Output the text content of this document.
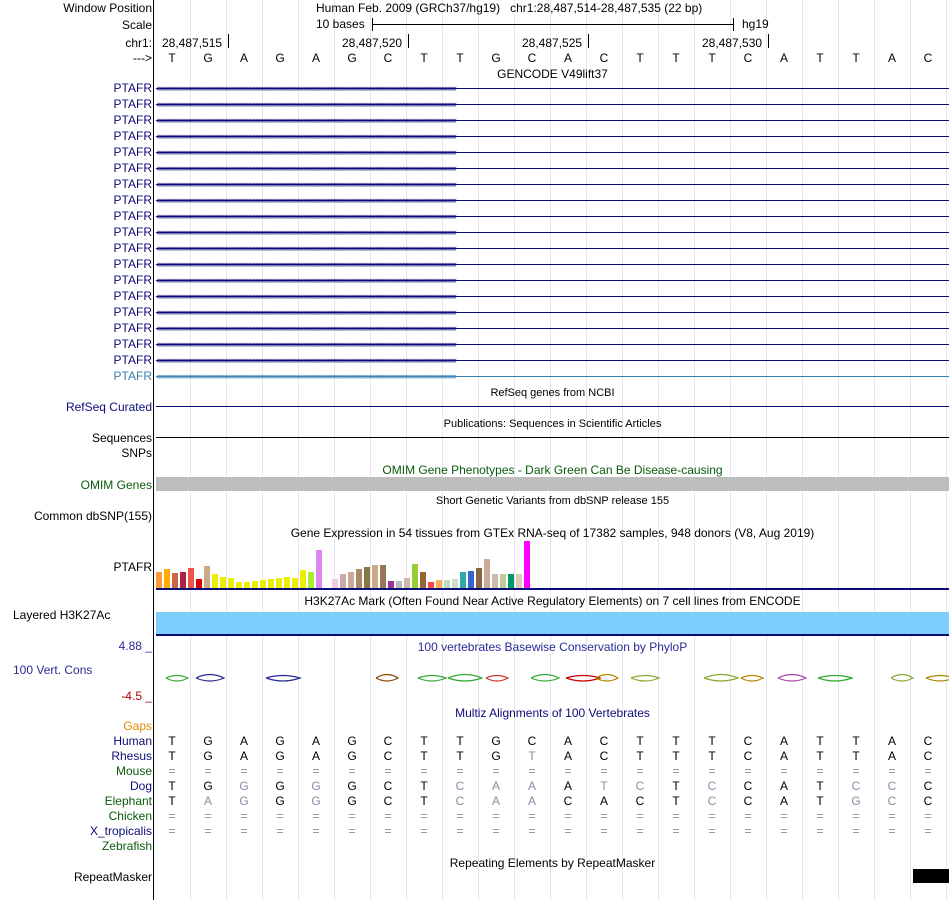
Window Position	Human Feb. 2009 (GRCh37/hg19)   chr1:28,487,514-28,487,535 (22 bp)
Scale	10 bases	hg19
chr1: 28,487,515	28,487,520	28,487,525	28,487,530
--->	T	G	A	G	A	G	C	T	T	G	C	A	C	T	T	T	C	A	T	T	A	C
GENCODE V49lift37
PTAFR ‹‹‹‹‹‹‹‹‹‹‹‹‹‹‹‹‹‹‹‹‹‹‹‹‹‹‹‹‹‹‹‹‹‹‹‹‹‹‹‹‹‹‹‹‹‹‹‹‹‹‹‹‹‹‹‹‹‹‹‹‹‹‹‹‹‹‹‹‹‹‹‹‹‹‹‹‹‹‹‹‹‹‹‹‹‹‹‹‹‹‹‹‹‹‹‹‹‹‹‹‹‹‹‹‹‹‹‹‹‹‹‹‹‹‹‹‹‹‹‹‹‹‹‹‹‹‹‹‹‹‹‹‹‹‹‹‹‹‹‹‹‹‹‹‹‹‹‹‹‹‹‹‹‹‹‹‹‹‹‹‹‹‹‹‹‹‹‹‹‹‹‹‹‹‹‹‹‹‹‹‹‹‹‹‹‹‹‹‹‹‹‹‹‹‹‹‹‹‹‹
PTAFR ‹‹‹‹‹‹‹‹‹‹‹‹‹‹‹‹‹‹‹‹‹‹‹‹‹‹‹‹‹‹‹‹‹‹‹‹‹‹‹‹‹‹‹‹‹‹‹‹‹‹‹‹‹‹‹‹‹‹‹‹‹‹‹‹‹‹‹‹‹‹‹‹‹‹‹‹‹‹‹‹‹‹‹‹‹‹‹‹‹‹‹‹‹‹‹‹‹‹‹‹‹‹‹‹‹‹‹‹‹‹‹‹‹‹‹‹‹‹‹‹‹‹‹‹‹‹‹‹‹‹‹‹‹‹‹‹‹‹‹‹‹‹‹‹‹‹‹‹‹‹‹‹‹‹‹‹‹‹‹‹‹‹‹‹‹‹‹‹‹‹‹‹‹‹‹‹‹‹‹‹‹‹‹‹‹‹‹‹‹‹‹‹‹‹‹‹‹‹‹‹
PTAFR ‹‹‹‹‹‹‹‹‹‹‹‹‹‹‹‹‹‹‹‹‹‹‹‹‹‹‹‹‹‹‹‹‹‹‹‹‹‹‹‹‹‹‹‹‹‹‹‹‹‹‹‹‹‹‹‹‹‹‹‹‹‹‹‹‹‹‹‹‹‹‹‹‹‹‹‹‹‹‹‹‹‹‹‹‹‹‹‹‹‹‹‹‹‹‹‹‹‹‹‹‹‹‹‹‹‹‹‹‹‹‹‹‹‹‹‹‹‹‹‹‹‹‹‹‹‹‹‹‹‹‹‹‹‹‹‹‹‹‹‹‹‹‹‹‹‹‹‹‹‹‹‹‹‹‹‹‹‹‹‹‹‹‹‹‹‹‹‹‹‹‹‹‹‹‹‹‹‹‹‹‹‹‹‹‹‹‹‹‹‹‹‹‹‹‹‹‹‹‹‹
PTAFR ‹‹‹‹‹‹‹‹‹‹‹‹‹‹‹‹‹‹‹‹‹‹‹‹‹‹‹‹‹‹‹‹‹‹‹‹‹‹‹‹‹‹‹‹‹‹‹‹‹‹‹‹‹‹‹‹‹‹‹‹‹‹‹‹‹‹‹‹‹‹‹‹‹‹‹‹‹‹‹‹‹‹‹‹‹‹‹‹‹‹‹‹‹‹‹‹‹‹‹‹‹‹‹‹‹‹‹‹‹‹‹‹‹‹‹‹‹‹‹‹‹‹‹‹‹‹‹‹‹‹‹‹‹‹‹‹‹‹‹‹‹‹‹‹‹‹‹‹‹‹‹‹‹‹‹‹‹‹‹‹‹‹‹‹‹‹‹‹‹‹‹‹‹‹‹‹‹‹‹‹‹‹‹‹‹‹‹‹‹‹‹‹‹‹‹‹‹‹‹‹
PTAFR ‹‹‹‹‹‹‹‹‹‹‹‹‹‹‹‹‹‹‹‹‹‹‹‹‹‹‹‹‹‹‹‹‹‹‹‹‹‹‹‹‹‹‹‹‹‹‹‹‹‹‹‹‹‹‹‹‹‹‹‹‹‹‹‹‹‹‹‹‹‹‹‹‹‹‹‹‹‹‹‹‹‹‹‹‹‹‹‹‹‹‹‹‹‹‹‹‹‹‹‹‹‹‹‹‹‹‹‹‹‹‹‹‹‹‹‹‹‹‹‹‹‹‹‹‹‹‹‹‹‹‹‹‹‹‹‹‹‹‹‹‹‹‹‹‹‹‹‹‹‹‹‹‹‹‹‹‹‹‹‹‹‹‹‹‹‹‹‹‹‹‹‹‹‹‹‹‹‹‹‹‹‹‹‹‹‹‹‹‹‹‹‹‹‹‹‹‹‹‹‹
PTAFR ‹‹‹‹‹‹‹‹‹‹‹‹‹‹‹‹‹‹‹‹‹‹‹‹‹‹‹‹‹‹‹‹‹‹‹‹‹‹‹‹‹‹‹‹‹‹‹‹‹‹‹‹‹‹‹‹‹‹‹‹‹‹‹‹‹‹‹‹‹‹‹‹‹‹‹‹‹‹‹‹‹‹‹‹‹‹‹‹‹‹‹‹‹‹‹‹‹‹‹‹‹‹‹‹‹‹‹‹‹‹‹‹‹‹‹‹‹‹‹‹‹‹‹‹‹‹‹‹‹‹‹‹‹‹‹‹‹‹‹‹‹‹‹‹‹‹‹‹‹‹‹‹‹‹‹‹‹‹‹‹‹‹‹‹‹‹‹‹‹‹‹‹‹‹‹‹‹‹‹‹‹‹‹‹‹‹‹‹‹‹‹‹‹‹‹‹‹‹‹‹
PTAFR ‹‹‹‹‹‹‹‹‹‹‹‹‹‹‹‹‹‹‹‹‹‹‹‹‹‹‹‹‹‹‹‹‹‹‹‹‹‹‹‹‹‹‹‹‹‹‹‹‹‹‹‹‹‹‹‹‹‹‹‹‹‹‹‹‹‹‹‹‹‹‹‹‹‹‹‹‹‹‹‹‹‹‹‹‹‹‹‹‹‹‹‹‹‹‹‹‹‹‹‹‹‹‹‹‹‹‹‹‹‹‹‹‹‹‹‹‹‹‹‹‹‹‹‹‹‹‹‹‹‹‹‹‹‹‹‹‹‹‹‹‹‹‹‹‹‹‹‹‹‹‹‹‹‹‹‹‹‹‹‹‹‹‹‹‹‹‹‹‹‹‹‹‹‹‹‹‹‹‹‹‹‹‹‹‹‹‹‹‹‹‹‹‹‹‹‹‹‹‹‹
PTAFR ‹‹‹‹‹‹‹‹‹‹‹‹‹‹‹‹‹‹‹‹‹‹‹‹‹‹‹‹‹‹‹‹‹‹‹‹‹‹‹‹‹‹‹‹‹‹‹‹‹‹‹‹‹‹‹‹‹‹‹‹‹‹‹‹‹‹‹‹‹‹‹‹‹‹‹‹‹‹‹‹‹‹‹‹‹‹‹‹‹‹‹‹‹‹‹‹‹‹‹‹‹‹‹‹‹‹‹‹‹‹‹‹‹‹‹‹‹‹‹‹‹‹‹‹‹‹‹‹‹‹‹‹‹‹‹‹‹‹‹‹‹‹‹‹‹‹‹‹‹‹‹‹‹‹‹‹‹‹‹‹‹‹‹‹‹‹‹‹‹‹‹‹‹‹‹‹‹‹‹‹‹‹‹‹‹‹‹‹‹‹‹‹‹‹‹‹‹‹‹‹
PTAFR ‹‹‹‹‹‹‹‹‹‹‹‹‹‹‹‹‹‹‹‹‹‹‹‹‹‹‹‹‹‹‹‹‹‹‹‹‹‹‹‹‹‹‹‹‹‹‹‹‹‹‹‹‹‹‹‹‹‹‹‹‹‹‹‹‹‹‹‹‹‹‹‹‹‹‹‹‹‹‹‹‹‹‹‹‹‹‹‹‹‹‹‹‹‹‹‹‹‹‹‹‹‹‹‹‹‹‹‹‹‹‹‹‹‹‹‹‹‹‹‹‹‹‹‹‹‹‹‹‹‹‹‹‹‹‹‹‹‹‹‹‹‹‹‹‹‹‹‹‹‹‹‹‹‹‹‹‹‹‹‹‹‹‹‹‹‹‹‹‹‹‹‹‹‹‹‹‹‹‹‹‹‹‹‹‹‹‹‹‹‹‹‹‹‹‹‹‹‹‹‹
PTAFR ‹‹‹‹‹‹‹‹‹‹‹‹‹‹‹‹‹‹‹‹‹‹‹‹‹‹‹‹‹‹‹‹‹‹‹‹‹‹‹‹‹‹‹‹‹‹‹‹‹‹‹‹‹‹‹‹‹‹‹‹‹‹‹‹‹‹‹‹‹‹‹‹‹‹‹‹‹‹‹‹‹‹‹‹‹‹‹‹‹‹‹‹‹‹‹‹‹‹‹‹‹‹‹‹‹‹‹‹‹‹‹‹‹‹‹‹‹‹‹‹‹‹‹‹‹‹‹‹‹‹‹‹‹‹‹‹‹‹‹‹‹‹‹‹‹‹‹‹‹‹‹‹‹‹‹‹‹‹‹‹‹‹‹‹‹‹‹‹‹‹‹‹‹‹‹‹‹‹‹‹‹‹‹‹‹‹‹‹‹‹‹‹‹‹‹‹‹‹‹‹
PTAFR ‹‹‹‹‹‹‹‹‹‹‹‹‹‹‹‹‹‹‹‹‹‹‹‹‹‹‹‹‹‹‹‹‹‹‹‹‹‹‹‹‹‹‹‹‹‹‹‹‹‹‹‹‹‹‹‹‹‹‹‹‹‹‹‹‹‹‹‹‹‹‹‹‹‹‹‹‹‹‹‹‹‹‹‹‹‹‹‹‹‹‹‹‹‹‹‹‹‹‹‹‹‹‹‹‹‹‹‹‹‹‹‹‹‹‹‹‹‹‹‹‹‹‹‹‹‹‹‹‹‹‹‹‹‹‹‹‹‹‹‹‹‹‹‹‹‹‹‹‹‹‹‹‹‹‹‹‹‹‹‹‹‹‹‹‹‹‹‹‹‹‹‹‹‹‹‹‹‹‹‹‹‹‹‹‹‹‹‹‹‹‹‹‹‹‹‹‹‹‹‹
PTAFR ‹‹‹‹‹‹‹‹‹‹‹‹‹‹‹‹‹‹‹‹‹‹‹‹‹‹‹‹‹‹‹‹‹‹‹‹‹‹‹‹‹‹‹‹‹‹‹‹‹‹‹‹‹‹‹‹‹‹‹‹‹‹‹‹‹‹‹‹‹‹‹‹‹‹‹‹‹‹‹‹‹‹‹‹‹‹‹‹‹‹‹‹‹‹‹‹‹‹‹‹‹‹‹‹‹‹‹‹‹‹‹‹‹‹‹‹‹‹‹‹‹‹‹‹‹‹‹‹‹‹‹‹‹‹‹‹‹‹‹‹‹‹‹‹‹‹‹‹‹‹‹‹‹‹‹‹‹‹‹‹‹‹‹‹‹‹‹‹‹‹‹‹‹‹‹‹‹‹‹‹‹‹‹‹‹‹‹‹‹‹‹‹‹‹‹‹‹‹‹‹
PTAFR ‹‹‹‹‹‹‹‹‹‹‹‹‹‹‹‹‹‹‹‹‹‹‹‹‹‹‹‹‹‹‹‹‹‹‹‹‹‹‹‹‹‹‹‹‹‹‹‹‹‹‹‹‹‹‹‹‹‹‹‹‹‹‹‹‹‹‹‹‹‹‹‹‹‹‹‹‹‹‹‹‹‹‹‹‹‹‹‹‹‹‹‹‹‹‹‹‹‹‹‹‹‹‹‹‹‹‹‹‹‹‹‹‹‹‹‹‹‹‹‹‹‹‹‹‹‹‹‹‹‹‹‹‹‹‹‹‹‹‹‹‹‹‹‹‹‹‹‹‹‹‹‹‹‹‹‹‹‹‹‹‹‹‹‹‹‹‹‹‹‹‹‹‹‹‹‹‹‹‹‹‹‹‹‹‹‹‹‹‹‹‹‹‹‹‹‹‹‹‹‹
PTAFR ‹‹‹‹‹‹‹‹‹‹‹‹‹‹‹‹‹‹‹‹‹‹‹‹‹‹‹‹‹‹‹‹‹‹‹‹‹‹‹‹‹‹‹‹‹‹‹‹‹‹‹‹‹‹‹‹‹‹‹‹‹‹‹‹‹‹‹‹‹‹‹‹‹‹‹‹‹‹‹‹‹‹‹‹‹‹‹‹‹‹‹‹‹‹‹‹‹‹‹‹‹‹‹‹‹‹‹‹‹‹‹‹‹‹‹‹‹‹‹‹‹‹‹‹‹‹‹‹‹‹‹‹‹‹‹‹‹‹‹‹‹‹‹‹‹‹‹‹‹‹‹‹‹‹‹‹‹‹‹‹‹‹‹‹‹‹‹‹‹‹‹‹‹‹‹‹‹‹‹‹‹‹‹‹‹‹‹‹‹‹‹‹‹‹‹‹‹‹‹‹
PTAFR ‹‹‹‹‹‹‹‹‹‹‹‹‹‹‹‹‹‹‹‹‹‹‹‹‹‹‹‹‹‹‹‹‹‹‹‹‹‹‹‹‹‹‹‹‹‹‹‹‹‹‹‹‹‹‹‹‹‹‹‹‹‹‹‹‹‹‹‹‹‹‹‹‹‹‹‹‹‹‹‹‹‹‹‹‹‹‹‹‹‹‹‹‹‹‹‹‹‹‹‹‹‹‹‹‹‹‹‹‹‹‹‹‹‹‹‹‹‹‹‹‹‹‹‹‹‹‹‹‹‹‹‹‹‹‹‹‹‹‹‹‹‹‹‹‹‹‹‹‹‹‹‹‹‹‹‹‹‹‹‹‹‹‹‹‹‹‹‹‹‹‹‹‹‹‹‹‹‹‹‹‹‹‹‹‹‹‹‹‹‹‹‹‹‹‹‹‹‹‹‹
PTAFR ‹‹‹‹‹‹‹‹‹‹‹‹‹‹‹‹‹‹‹‹‹‹‹‹‹‹‹‹‹‹‹‹‹‹‹‹‹‹‹‹‹‹‹‹‹‹‹‹‹‹‹‹‹‹‹‹‹‹‹‹‹‹‹‹‹‹‹‹‹‹‹‹‹‹‹‹‹‹‹‹‹‹‹‹‹‹‹‹‹‹‹‹‹‹‹‹‹‹‹‹‹‹‹‹‹‹‹‹‹‹‹‹‹‹‹‹‹‹‹‹‹‹‹‹‹‹‹‹‹‹‹‹‹‹‹‹‹‹‹‹‹‹‹‹‹‹‹‹‹‹‹‹‹‹‹‹‹‹‹‹‹‹‹‹‹‹‹‹‹‹‹‹‹‹‹‹‹‹‹‹‹‹‹‹‹‹‹‹‹‹‹‹‹‹‹‹‹‹‹‹
PTAFR ‹‹‹‹‹‹‹‹‹‹‹‹‹‹‹‹‹‹‹‹‹‹‹‹‹‹‹‹‹‹‹‹‹‹‹‹‹‹‹‹‹‹‹‹‹‹‹‹‹‹‹‹‹‹‹‹‹‹‹‹‹‹‹‹‹‹‹‹‹‹‹‹‹‹‹‹‹‹‹‹‹‹‹‹‹‹‹‹‹‹‹‹‹‹‹‹‹‹‹‹‹‹‹‹‹‹‹‹‹‹‹‹‹‹‹‹‹‹‹‹‹‹‹‹‹‹‹‹‹‹‹‹‹‹‹‹‹‹‹‹‹‹‹‹‹‹‹‹‹‹‹‹‹‹‹‹‹‹‹‹‹‹‹‹‹‹‹‹‹‹‹‹‹‹‹‹‹‹‹‹‹‹‹‹‹‹‹‹‹‹‹‹‹‹‹‹‹‹‹‹
PTAFR ‹‹‹‹‹‹‹‹‹‹‹‹‹‹‹‹‹‹‹‹‹‹‹‹‹‹‹‹‹‹‹‹‹‹‹‹‹‹‹‹‹‹‹‹‹‹‹‹‹‹‹‹‹‹‹‹‹‹‹‹‹‹‹‹‹‹‹‹‹‹‹‹‹‹‹‹‹‹‹‹‹‹‹‹‹‹‹‹‹‹‹‹‹‹‹‹‹‹‹‹‹‹‹‹‹‹‹‹‹‹‹‹‹‹‹‹‹‹‹‹‹‹‹‹‹‹‹‹‹‹‹‹‹‹‹‹‹‹‹‹‹‹‹‹‹‹‹‹‹‹‹‹‹‹‹‹‹‹‹‹‹‹‹‹‹‹‹‹‹‹‹‹‹‹‹‹‹‹‹‹‹‹‹‹‹‹‹‹‹‹‹‹‹‹‹‹‹‹‹‹
PTAFR ‹‹‹‹‹‹‹‹‹‹‹‹‹‹‹‹‹‹‹‹‹‹‹‹‹‹‹‹‹‹‹‹‹‹‹‹‹‹‹‹‹‹‹‹‹‹‹‹‹‹‹‹‹‹‹‹‹‹‹‹‹‹‹‹‹‹‹‹‹‹‹‹‹‹‹‹‹‹‹‹‹‹‹‹‹‹‹‹‹‹‹‹‹‹‹‹‹‹‹‹‹‹‹‹‹‹‹‹‹‹‹‹‹‹‹‹‹‹‹‹‹‹‹‹‹‹‹‹‹‹‹‹‹‹‹‹‹‹‹‹‹‹‹‹‹‹‹‹‹‹‹‹‹‹‹‹‹‹‹‹‹‹‹‹‹‹‹‹‹‹‹‹‹‹‹‹‹‹‹‹‹‹‹‹‹‹‹‹‹‹‹‹‹‹‹‹‹‹‹‹
RefSeq genes from NCBI
RefSeq Curated
Publications: Sequences in Scientific Articles
Sequences
SNPs
OMIM Gene Phenotypes - Dark Green Can Be Disease-causing
OMIM Genes
Short Genetic Variants from dbSNP release 155
Common dbSNP(155)
Gene Expression in 54 tissues from GTEx RNA-seq of 17382 samples, 948 donors (V8, Aug 2019)
PTAFR
H3K27Ac Mark (Often Found Near Active Regulatory Elements) on 7 cell lines from ENCODE
Layered H3K27Ac
100 vertebrates Basewise Conservation by PhyloP
4.88 _
100 Vert. Cons
-4.5 _
Multiz Alignments of 100 Vertebrates
Gaps
Human	T	G	A	G	A	G	C	T	T	G	C	A	C	T	T	T	C	A	T	T	A	C
Rhesus	T	G	A	G	A	G	C	T	T	G	T	A	C	T	T	T	C	A	T	T	A	C
Mouse	=	=	=	=	=	=	=	=	=	=	=	=	=	=	=	=	=	=	=	=	=	=
Dog	T	G	G	G	G	G	C	T	C	A	A	A	T	C	T	C	C	A	T	C	C	C
Elephant	T	A	G	G	G	G	C	T	C	A	A	C	A	C	T	C	C	A	T	G	C	C
Chicken	=	=	=	=	=	=	=	=	=	=	=	=	=	=	=	=	=	=	=	=	=	=
X_tropicalis	=	=	=	=	=	=	=	=	=	=	=	=	=	=	=	=	=	=	=	=	=	=
Zebrafish
Repeating Elements by RepeatMasker
RepeatMasker
